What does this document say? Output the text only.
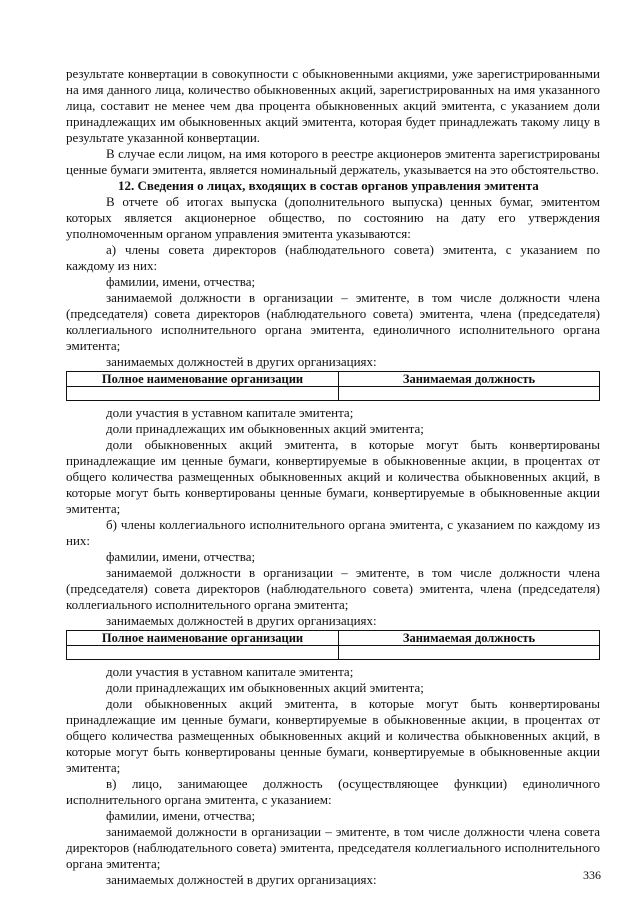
результате конвертации в совокупности с обыкновенными акциями, уже зарегистрированными на имя данного лица, количество обыкновенных акций, зарегистрированных на имя указанного лица, составит не менее чем два процента обыкновенных акций эмитента, с указанием доли принадлежащих им обыкновенных акций эмитента, которая будет принадлежать такому лицу в результате указанной конвертации.

В случае если лицом, на имя которого в реестре акционеров эмитента зарегистрированы ценные бумаги эмитента, является номинальный держатель, указывается на это обстоятельство.

12. Сведения о лицах, входящих в состав органов управления эмитента

В отчете об итогах выпуска (дополнительного выпуска) ценных бумаг, эмитентом которых является акционерное общество, по состоянию на дату его утверждения уполномоченным органом управления эмитента указываются:

а) члены совета директоров (наблюдательного совета) эмитента, с указанием по каждому из них:

фамилии, имени, отчества;

занимаемой должности в организации – эмитенте, в том числе должности члена (председателя) совета директоров (наблюдательного совета) эмитента, члена (председателя) коллегиального исполнительного органа эмитента, единоличного исполнительного органа эмитента;

занимаемых должностей в других организациях:

Полное наименование организации	Занимаемая должность

доли участия в уставном капитале эмитента;

доли принадлежащих им обыкновенных акций эмитента;

доли обыкновенных акций эмитента, в которые могут быть конвертированы принадлежащие им ценные бумаги, конвертируемые в обыкновенные акции, в процентах от общего количества размещенных обыкновенных акций и количества обыкновенных акций, в которые могут быть конвертированы ценные бумаги, конвертируемые в обыкновенные акции эмитента;

б) члены коллегиального исполнительного органа эмитента, с указанием по каждому из них:

фамилии, имени, отчества;

занимаемой должности в организации – эмитенте, в том числе должности члена (председателя) совета директоров (наблюдательного совета) эмитента, члена (председателя) коллегиального исполнительного органа эмитента;

занимаемых должностей в других организациях:

Полное наименование организации	Занимаемая должность

доли участия в уставном капитале эмитента;

доли принадлежащих им обыкновенных акций эмитента;

доли обыкновенных акций эмитента, в которые могут быть конвертированы принадлежащие им ценные бумаги, конвертируемые в обыкновенные акции, в процентах от общего количества размещенных обыкновенных акций и количества обыкновенных акций, в которые могут быть конвертированы ценные бумаги, конвертируемые в обыкновенные акции эмитента;

в) лицо, занимающее должность (осуществляющее функции) единоличного исполнительного органа эмитента, с указанием:

фамилии, имени, отчества;

занимаемой должности в организации – эмитенте, в том числе должности члена совета директоров (наблюдательного совета) эмитента, председателя коллегиального исполнительного органа эмитента;

занимаемых должностей в других организациях:	336
